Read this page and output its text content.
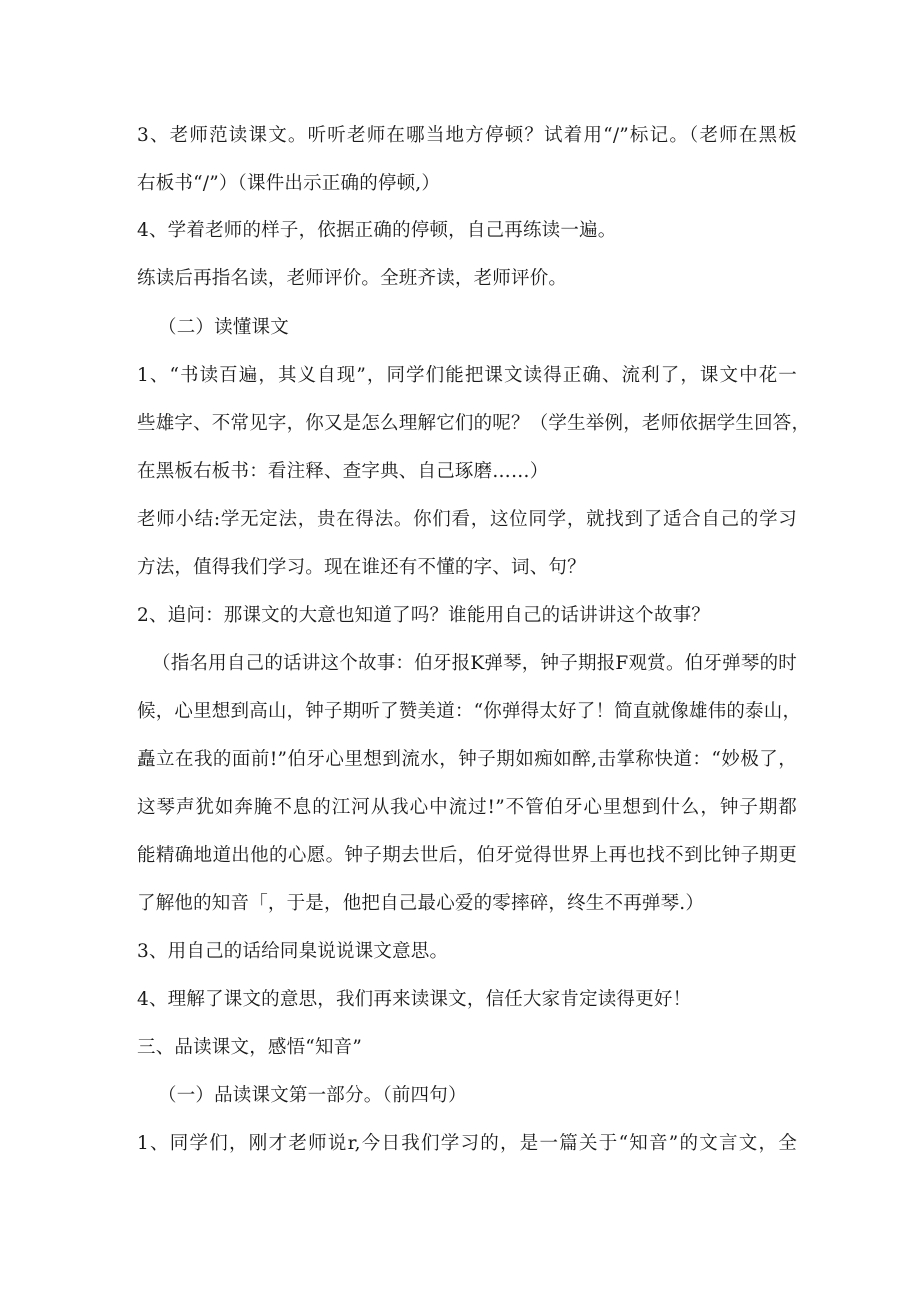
3、老师范读课文。听听老师在哪当地方停顿？试着用“/”标记。（老师在黑板
右板书“/”）（课件出示正确的停顿,）
4、学着老师的样子，依据正确的停顿，自己再练读一遍。
练读后再指名读，老师评价。全班齐读，老师评价。
（二）读懂课文
1、“书读百遍，其义自现”，同学们能把课文读得正确、流利了，课文中花一
些雄字、不常见字，你又是怎么理解它们的呢？（学生举例，老师依据学生回答，
在黑板右板书：看注释、查字典、自己琢磨……）
老师小结:学无定法，贵在得法。你们看，这位同学，就找到了适合自己的学习
方法，值得我们学习。现在谁还有不懂的字、词、句？
2、追问：那课文的大意也知道了吗？谁能用自己的话讲讲这个故事？
（指名用自己的话讲这个故事：伯牙报K弹琴，钟子期报F观赏。伯牙弹琴的时
候，心里想到高山，钟子期听了赞美道：“你弹得太好了！简直就像雄伟的泰山，
矗立在我的面前!”伯牙心里想到流水，钟子期如痴如醉,击掌称快道：“妙极了，
这琴声犹如奔腌不息的江河从我心中流过!”不管伯牙心里想到什么，钟子期都
能精确地道出他的心愿。钟子期去世后，伯牙觉得世界上再也找不到比钟子期更
了解他的知音「，于是，他把自己最心爱的零摔碎，终生不再弹琴.）
3、用自己的话给同臬说说课文意思。
4、理解了课文的意思，我们再来读课文，信任大家肯定读得更好！
三、品读课文，感悟“知音”
（一）品读课文第一部分。（前四句）
1、同学们，刚才老师说r,今日我们学习的，是一篇关于“知音”的文言文，全
